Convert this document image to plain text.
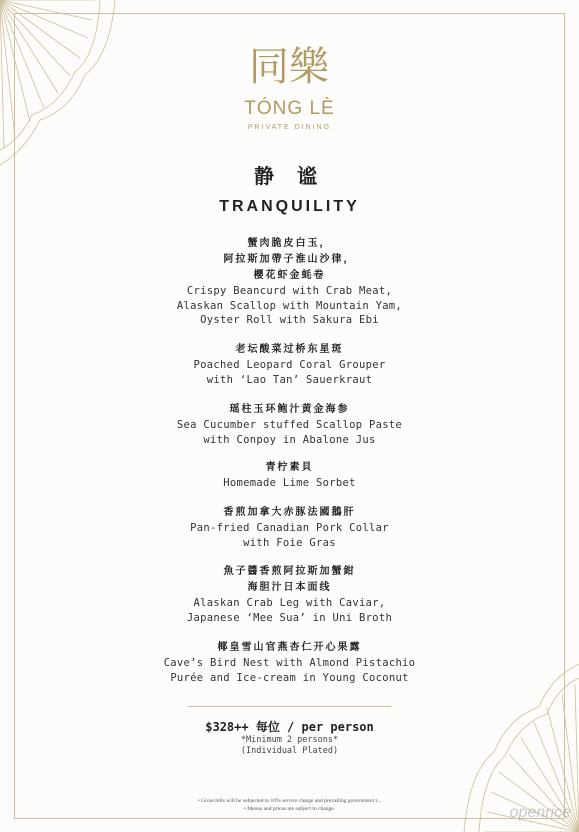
同樂
TÓNG LÈ
PRIVATE DINING
静 谧
TRANQUILITY
蟹肉脆皮白玉，
阿拉斯加帶子淮山沙律，
櫻花虾金蚝卷
Crispy Beancurd with Crab Meat,
Alaskan Scallop with Mountain Yam,
Oyster Roll with Sakura Ebi
老坛酸菜过桥东星斑
Poached Leopard Coral Grouper
with ‘Lao Tan’ Sauerkraut
瑶柱玉环鲍汁黄金海参
Sea Cucumber stuffed Scallop Paste
with Conpoy in Abalone Jus
青柠素貝
Homemade Lime Sorbet
香煎加拿大赤豚法國鵝肝
Pan-fried Canadian Pork Collar
with Foie Gras
魚子醬香煎阿拉斯加蟹鉗
海胆汁日本面线
Alaskan Crab Leg with Caviar,
Japanese ‘Mee Sua’ in Uni Broth
椰皇雪山官燕杏仁开心果露
Cave’s Bird Nest with Almond Pistachio
Purée and Ice-cream in Young Coconut
$328++ 每位 / per person
*Minimum 2 persons*
(Individual Plated)
• Gross bills will be subjected to 10% service charge and prevailing government t...
• Menus and prices are subject to change.	openrice
